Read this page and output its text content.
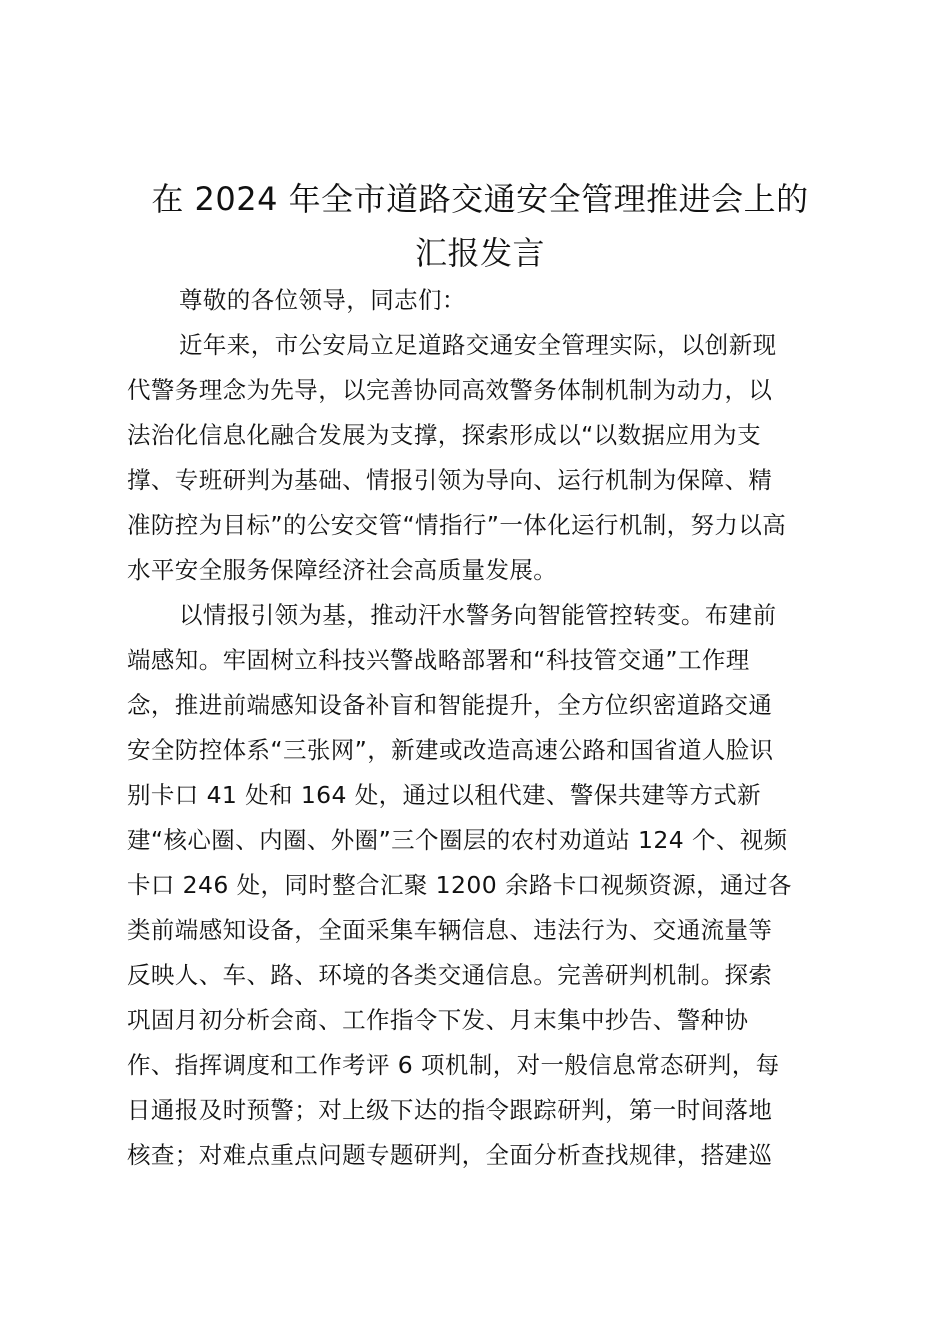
在 2024 年全市道路交通安全管理推进会上的
汇报发言

尊敬的各位领导，同志们：

近年来，市公安局立足道路交通安全管理实际，以创新现
代警务理念为先导，以完善协同高效警务体制机制为动力，以
法治化信息化融合发展为支撑，探索形成以“以数据应用为支
撑、专班研判为基础、情报引领为导向、运行机制为保障、精
准防控为目标”的公安交管“情指行”一体化运行机制，努力以高
水平安全服务保障经济社会高质量发展。

以情报引领为基，推动汗水警务向智能管控转变。布建前
端感知。牢固树立科技兴警战略部署和“科技管交通”工作理
念，推进前端感知设备补盲和智能提升，全方位织密道路交通
安全防控体系“三张网”，新建或改造高速公路和国省道人脸识
别卡口 41 处和 164 处，通过以租代建、警保共建等方式新
建“核心圈、内圈、外圈”三个圈层的农村劝道站 124 个、视频
卡口 246 处，同时整合汇聚 1200 余路卡口视频资源，通过各
类前端感知设备，全面采集车辆信息、违法行为、交通流量等
反映人、车、路、环境的各类交通信息。完善研判机制。探索
巩固月初分析会商、工作指令下发、月末集中抄告、警种协
作、指挥调度和工作考评 6 项机制，对一般信息常态研判，每
日通报及时预警；对上级下达的指令跟踪研判，第一时间落地
核查；对难点重点问题专题研判，全面分析查找规律，搭建巡
